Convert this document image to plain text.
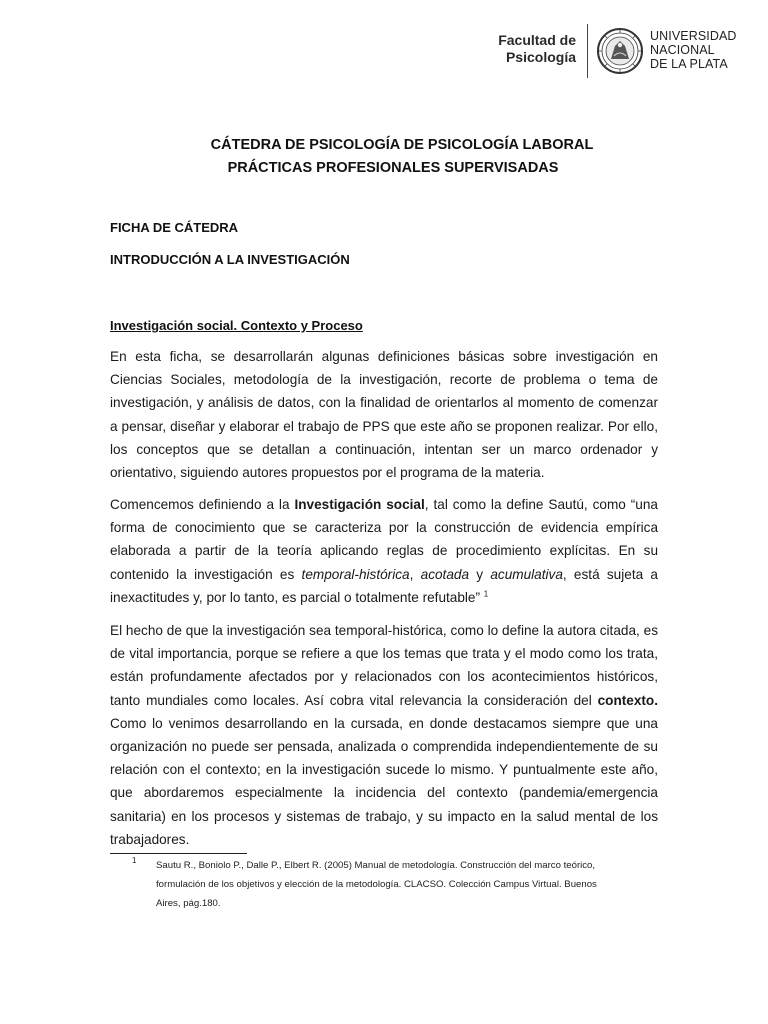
Facultad de
Psicología
UNIVERSIDAD
NACIONAL
DE LA PLATA
CÁTEDRA DE PSICOLOGÍA DE PSICOLOGÍA LABORAL
PRÁCTICAS PROFESIONALES SUPERVISADAS
FICHA DE CÁTEDRA
INTRODUCCIÓN A LA INVESTIGACIÓN
Investigación social. Contexto y Proceso

En esta ficha, se desarrollarán algunas definiciones básicas sobre investigación en Ciencias Sociales, metodología de la investigación, recorte de problema o tema de investigación, y análisis de datos, con la finalidad de orientarlos al momento de comenzar a pensar, diseñar y elaborar el trabajo de PPS que este año se proponen realizar. Por ello, los conceptos que se detallan a continuación, intentan ser un marco ordenador y orientativo, siguiendo autores propuestos por el programa de la materia.

Comencemos definiendo a la Investigación social, tal como la define Sautú, como “una forma de conocimiento que se caracteriza por la construcción de evidencia empírica elaborada a partir de la teoría aplicando reglas de procedimiento explícitas. En su contenido la investigación es temporal-histórica, acotada y acumulativa, está sujeta a inexactitudes y, por lo tanto, es parcial o totalmente refutable” $^1$

El hecho de que la investigación sea temporal-histórica, como lo define la autora citada, es de vital importancia, porque se refiere a que los temas que trata y el modo como los trata, están profundamente afectados por y relacionados con los acontecimientos históricos, tanto mundiales como locales. Así cobra vital relevancia la consideración del contexto. Como lo venimos desarrollando en la cursada, en donde destacamos siempre que una organización no puede ser pensada, analizada o comprendida independientemente de su relación con el contexto; en la investigación sucede lo mismo. Y puntualmente este año, que abordaremos especialmente la incidencia del contexto (pandemia/emergencia sanitaria) en los procesos y sistemas de trabajo, y su impacto en la salud mental de los trabajadores.

1 Sautu R., Boniolo P., Dalle P., Elbert R. (2005) Manual de metodología. Construcción del marco teórico, formulación de los objetivos y elección de la metodología. CLACSO. Colección Campus Virtual. Buenos Aires, pág.180.
